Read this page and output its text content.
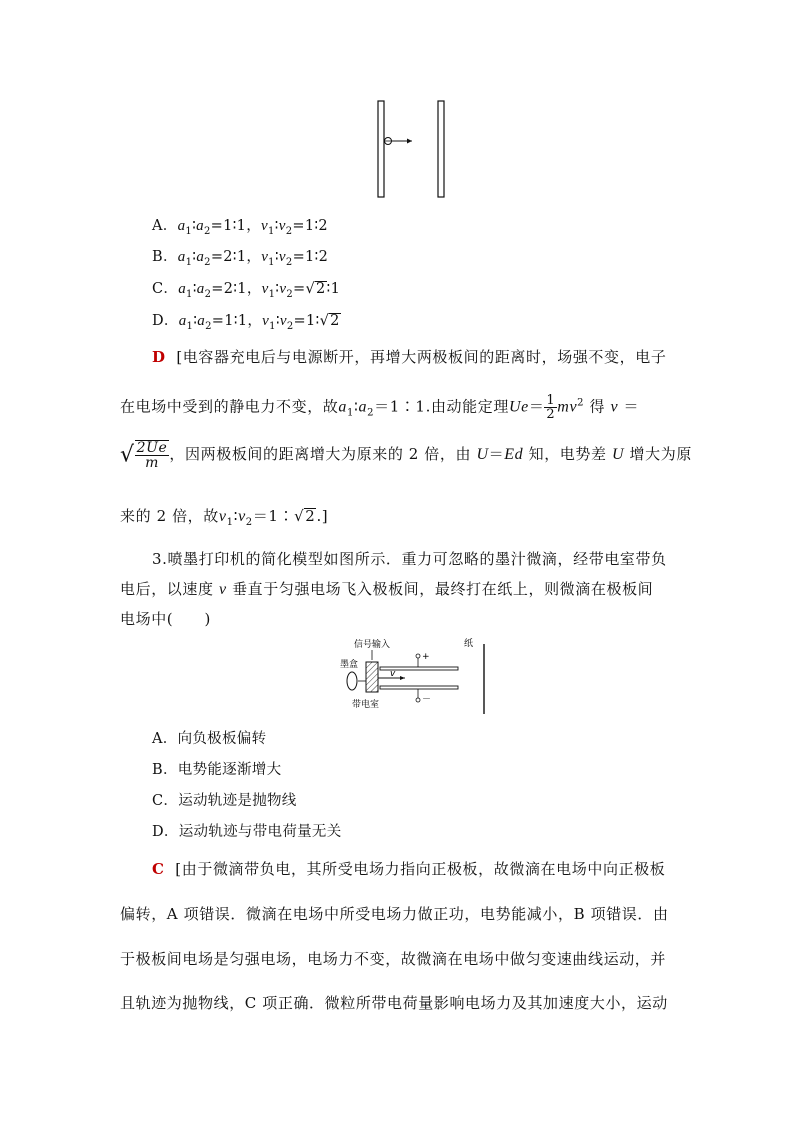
A．$a_1∶a_2=1∶1$，$v_1∶v_2=1∶2$
B．$a_1∶a_2=2∶1$，$v_1∶v_2=1∶2$
C．$a_1∶a_2=2∶1$，$v_1∶v_2=√2∶1$
D．$a_1∶a_2=1∶1$，$v_1∶v_2=1∶√2$
D [电容器充电后与电源断开，再增大两极板间的距离时，场强不变，电子
在电场中受到的静电力不变，故$a_1∶a_2=1∶1$.由动能定理$Ue= \frac{1}{2} mv^2$ 得 v ＝
√ $\frac{2Ue}{m}$ ，因两极板间的距离增大为原来的 2 倍，由 U＝Ed 知，电势差 U 增大为原
来的 2 倍，故$v_1∶v_2=1∶√2$.]
3.喷墨打印机的简化模型如图所示．重力可忽略的墨汁微滴，经带电室带负
电后，以速度 v 垂直于匀强电场飞入极板间，最终打在纸上，则微滴在极板间
电场中(　　)
信号输入
墨盒
v
+
－
纸
带电室
A．向负极板偏转
B．电势能逐渐增大
C．运动轨迹是抛物线
D．运动轨迹与带电荷量无关
C [由于微滴带负电，其所受电场力指向正极板，故微滴在电场中向正极板
偏转，A 项错误．微滴在电场中所受电场力做正功，电势能减小，B 项错误．由
于极板间电场是匀强电场，电场力不变，故微滴在电场中做匀变速曲线运动，并
且轨迹为抛物线，C 项正确．微粒所带电荷量影响电场力及其加速度大小，运动
